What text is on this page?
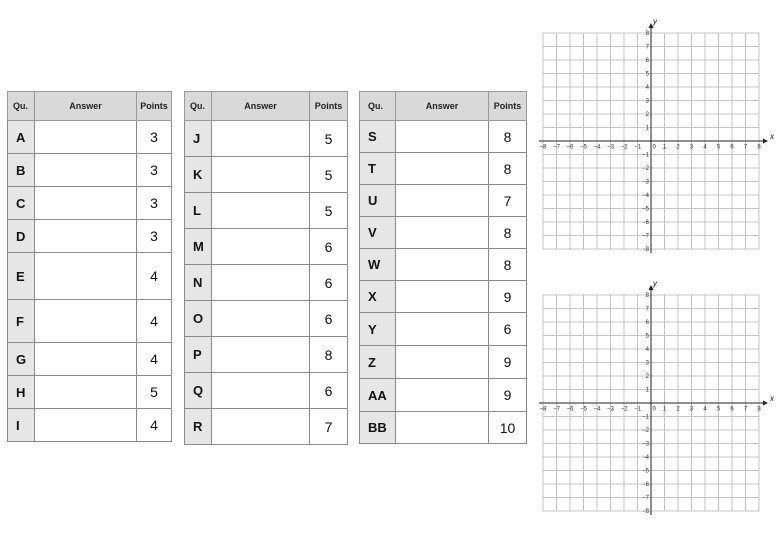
Qu.	Answer	Points
A		3
B		3
C		3
D		3
E		4
F		4
G		4
H		5
I		4
Qu.	Answer	Points
J		5
K		5
L		5
M		6
N		6
O		6
P		8
Q		6
R		7
Qu.	Answer	Points
S		8
T		8
U		7
V		8
W		8
X		9
Y		6
Z		9
AA		9
BB		10
x
y
−8 −7 −6 −5 −4 −3 −2 −1	1 2 3 4 5 6 7 8
−8
−7
−6
−5
−4
−3
−2
−1
1
2
3
4
5
6
7
8
0
x
y
−8 −7 −6 −5 −4 −3 −2 −1	1 2 3 4 5 6 7 8
−8
−7
−6
−5
−4
−3
−2
−1
1
2
3
4
5
6
7
8
0
